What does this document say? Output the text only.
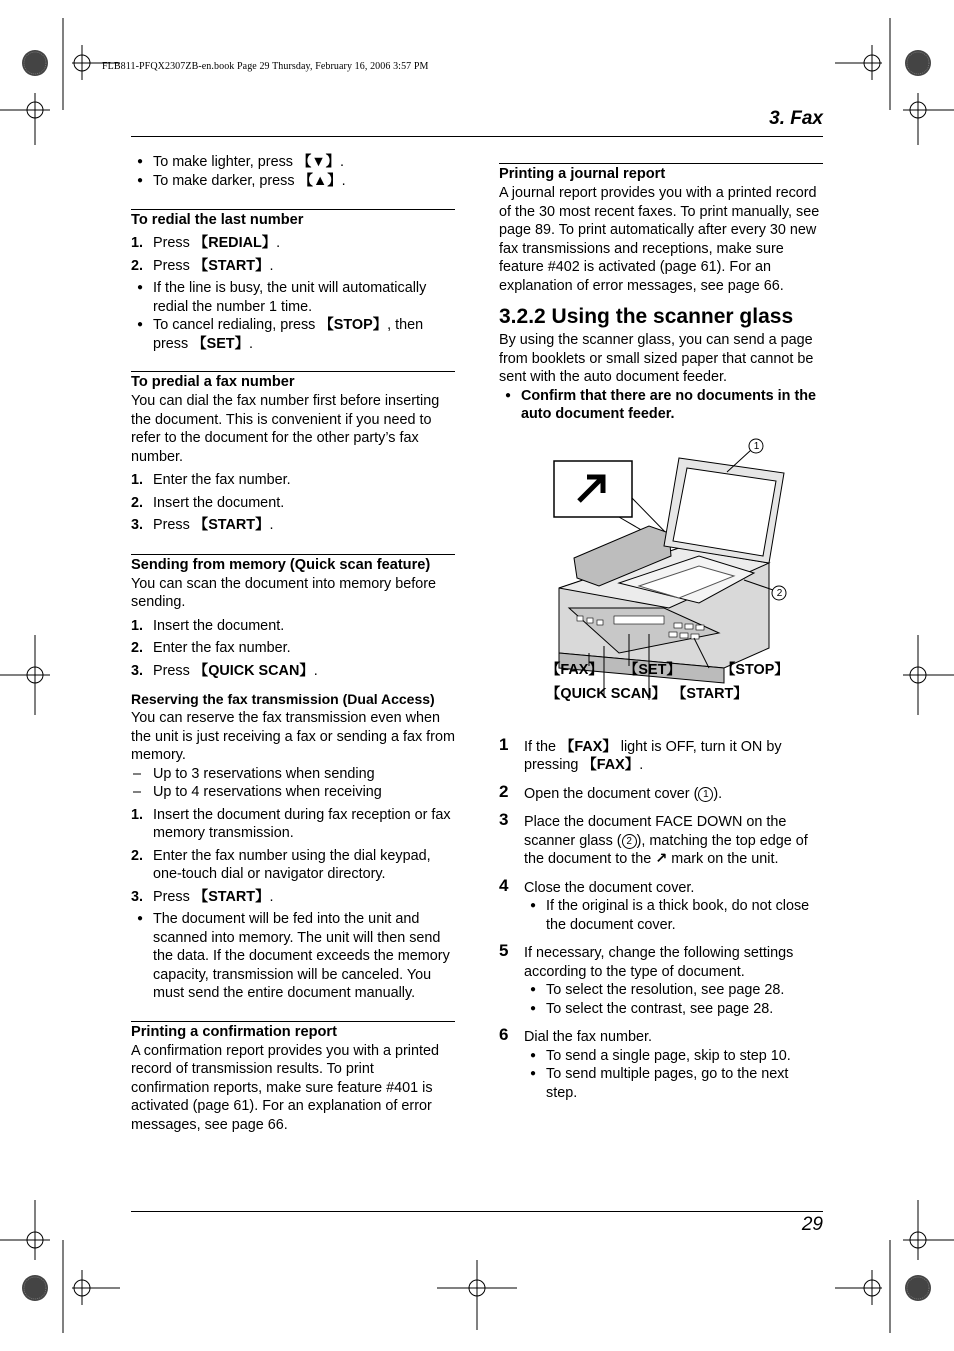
FLB811-PFQX2307ZB-en.book Page 29 Thursday, February 16, 2006 3:57 PM
3. Fax
● To make lighter, press 【▼】.
● To make darker, press 【▲】.
To redial the last number
1. Press 【REDIAL】.
2. Press 【START】.
● If the line is busy, the unit will automatically redial the number 1 time.
● To cancel redialing, press 【STOP】, then press 【SET】.
To predial a fax number

You can dial the fax number first before inserting the document. This is convenient if you need to refer to the document for the other party’s fax number.

1. Enter the fax number.
2. Insert the document.
3. Press 【START】.
Sending from memory (Quick scan feature)

You can scan the document into memory before sending.

1. Insert the document.
2. Enter the fax number.
3. Press 【QUICK SCAN】.
Reserving the fax transmission (Dual Access)

You can reserve the fax transmission even when the unit is just receiving a fax or sending a fax from memory.

– Up to 3 reservations when sending
– Up to 4 reservations when receiving
1. Insert the document during fax reception or fax memory transmission.
2. Enter the fax number using the dial keypad, one-touch dial or navigator directory.
3. Press 【START】.
● The document will be fed into the unit and scanned into memory. The unit will then send the data. If the document exceeds the memory capacity, transmission will be canceled. You must send the entire document manually.
Printing a confirmation report

A confirmation report provides you with a printed record of transmission results. To print confirmation reports, make sure feature #401 is activated (page 61). For an explanation of error messages, see page 66.

Printing a journal report

A journal report provides you with a printed record of the 30 most recent faxes. To print manually, see page 89. To print automatically after every 30 new fax transmissions and receptions, make sure feature #402 is activated (page 61). For an explanation of error messages, see page 66.

3.2.2 Using the scanner glass

By using the scanner glass, you can send a page from booklets or small sized paper that cannot be sent with the auto document feeder.

● Confirm that there are no documents in the auto document feeder.
1
2
【FAX】 【SET】	【STOP】
【QUICK SCAN】 【START】
1 If the 【FAX】 light is OFF, turn it ON by pressing 【FAX】.
2 Open the document cover ( 1 ).
3 Place the document FACE DOWN on the scanner glass ( 2 ), matching the top edge of the document to the ↗ mark on the unit.
4 Close the document cover.
● If the original is a thick book, do not close the document cover.
5 If necessary, change the following settings according to the type of document.
● To select the resolution, see page 28.
● To select the contrast, see page 28.
6 Dial the fax number.
● To send a single page, skip to step 10.
● To send multiple pages, go to the next step.
29
